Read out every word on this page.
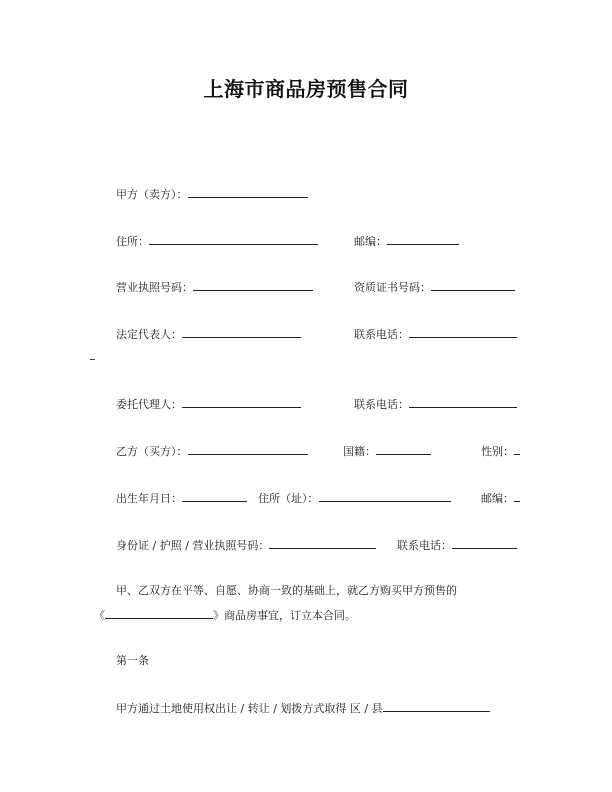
上海市商品房预售合同
甲方（卖方）：
住所：	邮编：
营业执照号码：	资质证书号码：
法定代表人：	联系电话：
委托代理人：	联系电话：
乙方（买方）：	国籍：	性别：
出生年月日：	住所（址）：	邮编：
身份证 / 护照 / 营业执照号码：	联系电话：
甲、乙双方在平等、自愿、协商一致的基础上，就乙方购买甲方预售的
《	》商品房事宜，订立本合同。
第一条
甲方通过土地使用权出让 / 转让 / 划拨方式取得 区 / 县
